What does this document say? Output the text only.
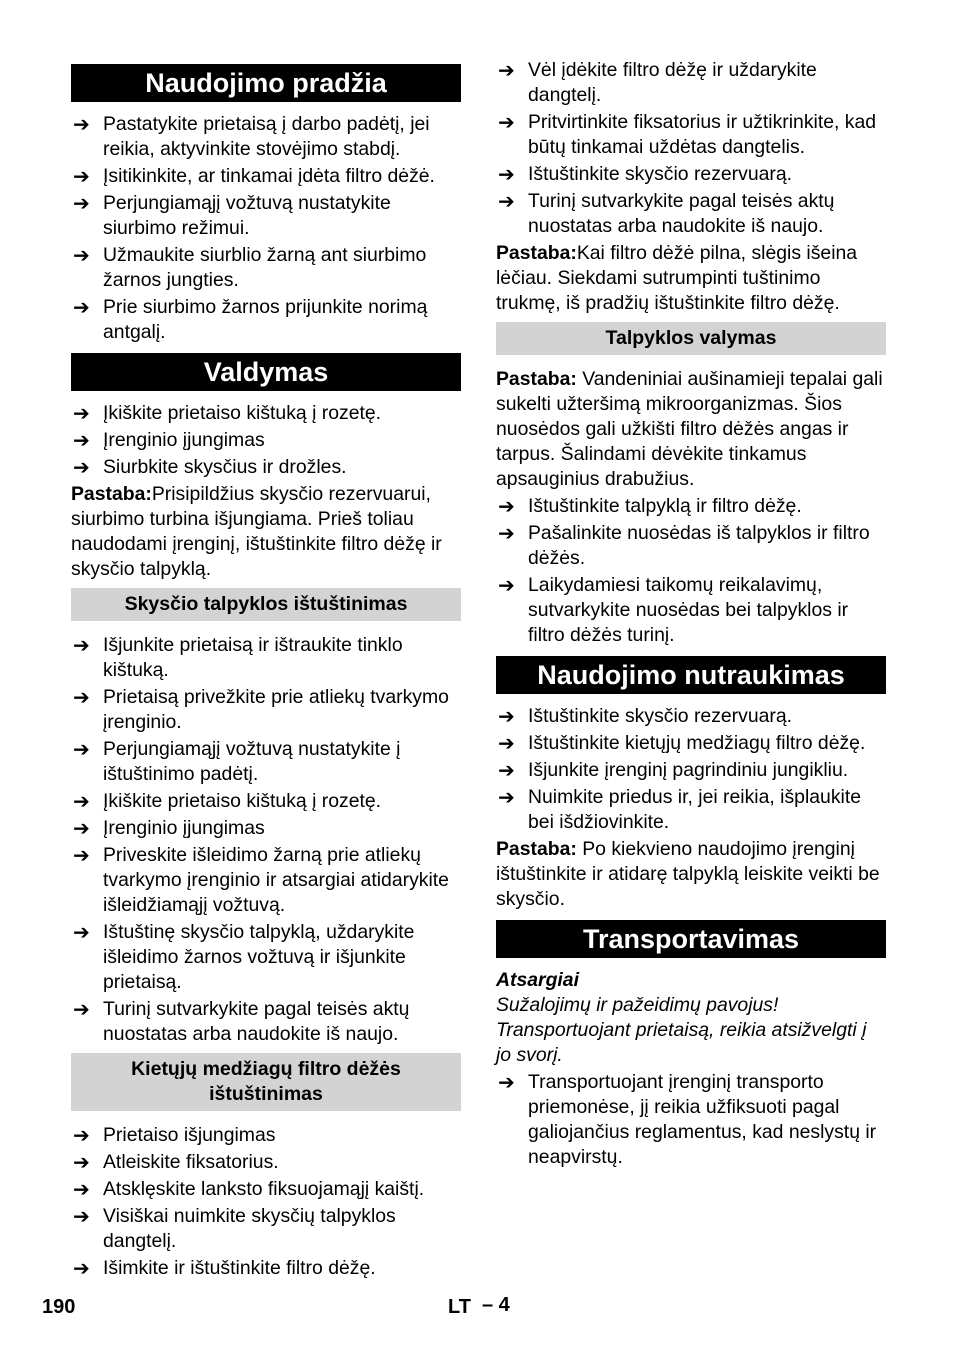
Naudojimo pradžia
➔ Pastatykite prietaisą į darbo padėtį, jei reikia, aktyvinkite stovėjimo stabdį.
➔ Įsitikinkite, ar tinkamai įdėta filtro dėžė.
➔ Perjungiamąjį vožtuvą nustatykite siurbimo režimui.
➔ Užmaukite siurblio žarną ant siurbimo žarnos jungties.
➔ Prie siurbimo žarnos prijunkite norimą antgalį.
Valdymas
➔ Įkiškite prietaiso kištuką į rozetę.
➔ Įrenginio įjungimas
➔ Siurbkite skysčius ir drožles.

Pastaba:Prisipildžius skysčio rezervuarui, siurbimo turbina išjungiama. Prieš toliau naudodami įrenginį, ištuštinkite filtro dėžę ir skysčio talpyklą.

Skysčio talpyklos ištuštinimas
➔ Išjunkite prietaisą ir ištraukite tinklo kištuką.
➔ Prietaisą privežkite prie atliekų tvarkymo įrenginio.
➔ Perjungiamąjį vožtuvą nustatykite į ištuštinimo padėtį.
➔ Įkiškite prietaiso kištuką į rozetę.
➔ Įrenginio įjungimas
➔ Priveskite išleidimo žarną prie atliekų tvarkymo įrenginio ir atsargiai atidarykite išleidžiamąjį vožtuvą.
➔ Ištuštinę skysčio talpyklą, uždarykite išleidimo žarnos vožtuvą ir išjunkite prietaisą.
➔ Turinį sutvarkykite pagal teisės aktų nuostatas arba naudokite iš naujo.
Kietųjų medžiagų filtro dėžės ištuštinimas
➔ Prietaiso išjungimas
➔ Atleiskite fiksatorius.
➔ Atsklęskite lanksto fiksuojamąjį kaištį.
➔ Visiškai nuimkite skysčių talpyklos dangtelį.
➔ Išimkite ir ištuštinkite filtro dėžę.
➔ Vėl įdėkite filtro dėžę ir uždarykite dangtelį.
➔ Pritvirtinkite fiksatorius ir užtikrinkite, kad būtų tinkamai uždėtas dangtelis.
➔ Ištuštinkite skysčio rezervuarą.
➔ Turinį sutvarkykite pagal teisės aktų nuostatas arba naudokite iš naujo.

Pastaba:Kai filtro dėžė pilna, slėgis išeina lėčiau. Siekdami sutrumpinti tuštinimo trukmę, iš pradžių ištuštinkite filtro dėžę.

Talpyklos valymas

Pastaba: Vandeniniai aušinamieji tepalai gali sukelti užteršimą mikroorganizmas. Šios nuosėdos gali užkišti filtro dėžės angas ir tarpus. Šalindami dėvėkite tinkamus apsauginius drabužius.

➔ Ištuštinkite talpyklą ir filtro dėžę.
➔ Pašalinkite nuosėdas iš talpyklos ir filtro dėžės.
➔ Laikydamiesi taikomų reikalavimų, sutvarkykite nuosėdas bei talpyklos ir filtro dėžės turinį.
Naudojimo nutraukimas
➔ Ištuštinkite skysčio rezervuarą.
➔ Ištuštinkite kietųjų medžiagų filtro dėžę.
➔ Išjunkite įrenginį pagrindiniu jungikliu.
➔ Nuimkite priedus ir, jei reikia, išplaukite bei išdžiovinkite.

Pastaba: Po kiekvieno naudojimo įrenginį ištuštinkite ir atidarę talpyklą leiskite veikti be skysčio.

Transportavimas
Atsargiai
Sužalojimų ir pažeidimų pavojus! Transportuojant prietaisą, reikia atsižvelgti į jo svorį.
➔ Transportuojant įrenginį transporto priemonėse, jį reikia užfiksuoti pagal galiojančius reglamentus, kad neslystų ir neapvirstų.
190	LT – 4
